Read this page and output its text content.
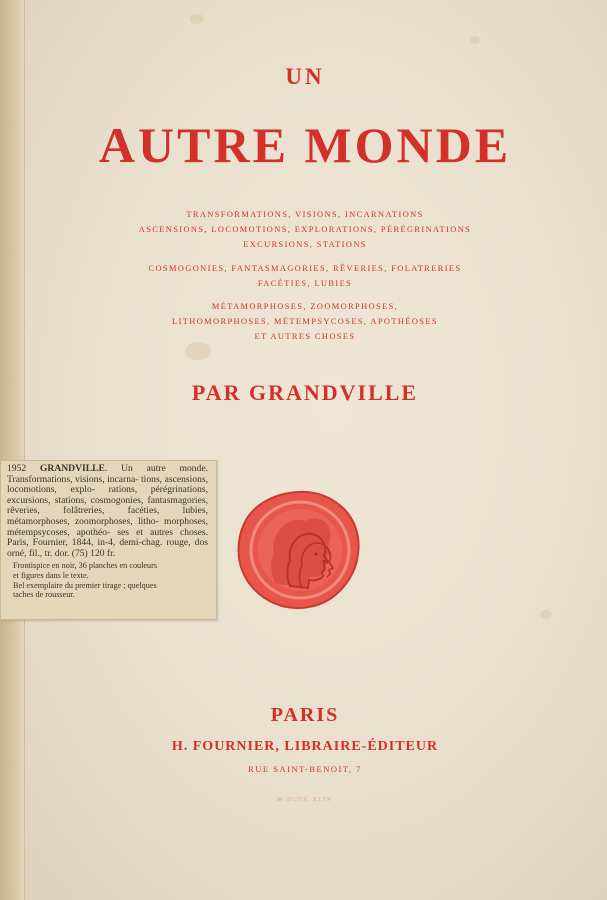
UN
AUTRE MONDE
TRANSFORMATIONS, VISIONS, INCARNATIONS
ASCENSIONS, LOCOMOTIONS, EXPLORATIONS, PÉRÉGRINATIONS
EXCURSIONS, STATIONS
COSMOGONIES, FANTASMAGORIES, RÊVERIES, FOLATRERIES
FACÉTIES, LUBIES
MÉTAMORPHOSES, ZOOMORPHOSES,
LITHOMORPHOSES, MÉTEMPSYCOSES, APOTHÉOSES
ET AUTRES CHOSES
PAR GRANDVILLE
1952 GRANDVILLE. Un autre monde. Transformations, visions, incarna- tions, ascensions, locomotions, explo- rations, pérégrinations, excursions, stations, cosmogonies, fantasmagories, rêveries, folâtreries, facéties, lubies, métamorphoses, zoomorphoses, litho- morphoses, métempsycoses, apothéo- ses et autres choses. Paris, Fournier, 1844, in-4, demi-chag. rouge, dos orné, fil., tr. dor. (75) 120 fr.
Frontispice en noir, 36 planches en couleurs
et figures dans le texte.
Bel exemplaire du premier tirage ; quelques
taches de rousseur.
PARIS
H. FOURNIER, LIBRAIRE-ÉDITEUR
RUE SAINT-BENOIT, 7
M DCCC XLIV
